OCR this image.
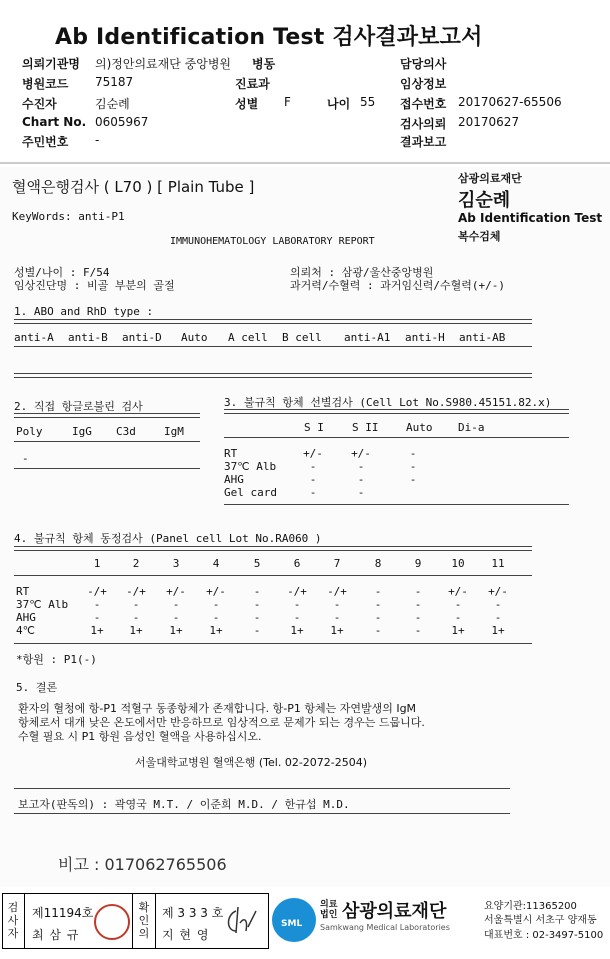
Ab Identification Test 검사결과보고서
의뢰기관명 의)정안의료재단 중앙병원 병동
병원코드 75187	진료과
수진자	김순례	성별 F	나이 55
Chart No. 0605967
주민번호 -
담당의사
임상정보
접수번호 20170627-65506
검사의뢰 20170627
결과보고
혈액은행검사 ( L70 ) [ Plain Tube ]	삼광의료재단
김순례
Ab Identification Test
복수검체
KeyWords: anti-P1
IMMUNOHEMATOLOGY LABORATORY REPORT
성별/나이 : F/54
임상진단명 : 비골 부분의 골절
의뢰처 : 삼광/울산중앙병원
과거력/수혈력 : 과거임신력/수혈력(+/-)
1. ABO and RhD type :
anti-A anti-B anti-D Auto A cell B cell anti-A1 anti-H anti-AB
2. 직접 항글로불린 검사
Poly	IgG C3d	IgM
-
3. 불규칙 항체 선별검사 (Cell Lot No.S980.45151.82.x)
S I	S II	Auto Di-a
RT	+/-	+/-	-
37℃ Alb	-	-	-
AHG	-	-	-
Gel card	-	-
4. 불규칙 항체 동정검사 (Panel cell Lot No.RA060 )
1	2	3	4	5	6	7	8	9	10	11
RT	-/+	-/+	+/-	+/-	-	-/+	-/+	-	-	+/-	+/-
37℃ Alb	-	-	-	-	-	-	-	-	-	-	-
AHG	-	-	-	-	-	-	-	-	-	-	-
4℃	1+	1+	1+	1+	-	1+	1+	-	-	1+	1+
*항원 : P1(-)
5. 결론
환자의 혈청에 항-P1 적혈구 동종항체가 존재합니다. 항-P1 항체는 자연발생의 IgM
항체로서 대개 낮은 온도에서만 반응하므로 임상적으로 문제가 되는 경우는 드뭅니다.
수혈 필요 시 P1 항원 음성인 혈액을 사용하십시오.
서울대학교병원 혈액은행 (Tel. 02-2072-2504)
보고자(판독의) : 곽영국 M.T. / 이준희 M.D. / 한규섭 M.D.
비고 : 017062765506
검사자
제11194호
최 삼 규
확인의
제 3 3 3 호
지 현 영
SML
의료법인 삼광의료재단
Samkwang Medical Laboratories
요양기관:11365200
서울특별시 서초구 양재동
대표번호 : 02-3497-5100
